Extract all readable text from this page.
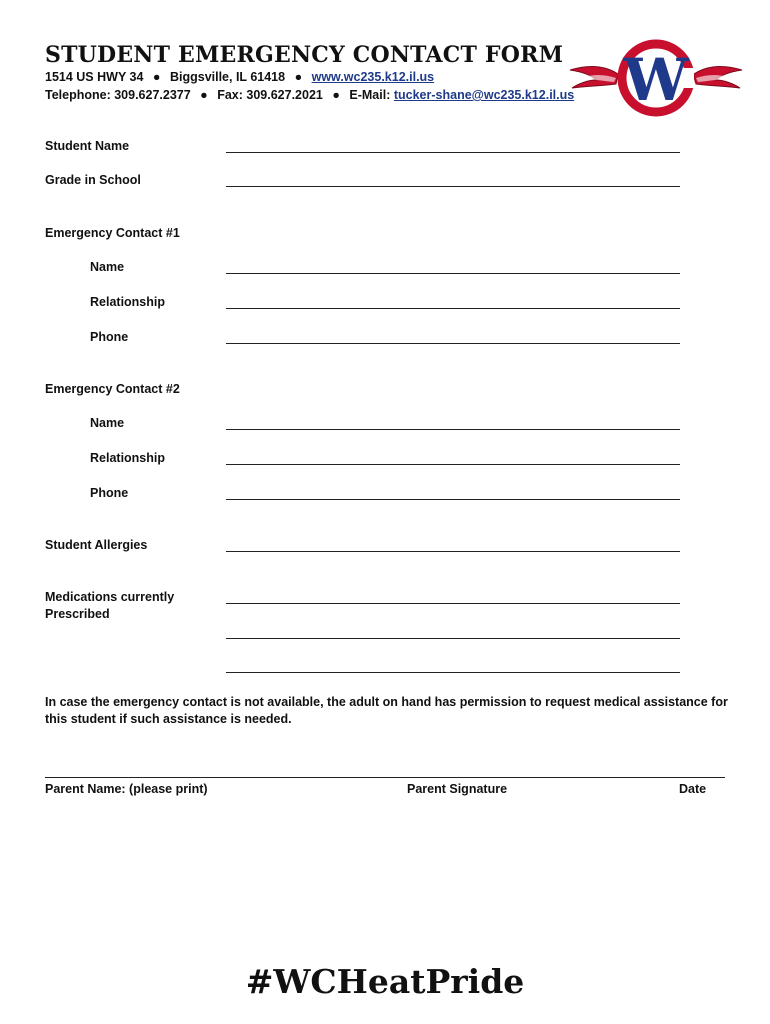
STUDENT EMERGENCY CONTACT FORM
1514 US HWY 34 ● Biggsville, IL 61418 ● www.wc235.k12.il.us
Telephone: 309.627.2377 ● Fax: 309.627.2021 ● E-Mail: tucker-shane@wc235.k12.il.us W
Student Name
Grade in School
Emergency Contact #1
Name
Relationship
Phone
Emergency Contact #2
Name
Relationship
Phone
Student Allergies
Medications currently
Prescribed
In case the emergency contact is not available, the adult on hand has permission to request medical assistance for this student if such assistance is needed.
Parent Name: (please print)	Parent Signature	Date
#WCHeatPride
